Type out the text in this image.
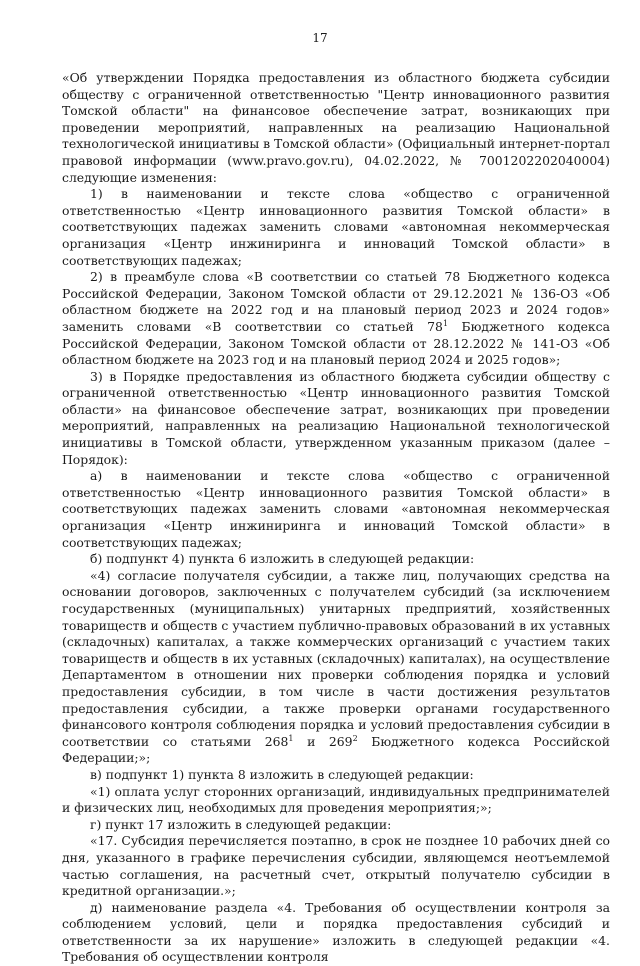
17

«Об утверждении Порядка предоставления из областного бюджета субсидии обществу с ограниченной ответственностью "Центр инновационного развития Томской области" на финансовое обеспечение затрат, возникающих при проведении мероприятий, направленных на реализацию Национальной технологической инициативы в Томской области» (Официальный интернет-портал правовой информации (www.pravo.gov.ru), 04.02.2022, № 7001202202040004) следующие изменения:

1) в наименовании и тексте слова «общество с ограниченной ответственностью «Центр инновационного развития Томской области» в соответствующих падежах заменить словами «автономная некоммерческая организация «Центр инжиниринга и инноваций Томской области» в соответствующих падежах;

2) в преамбуле слова «В соответствии со статьей 78 Бюджетного кодекса Российской Федерации, Законом Томской области от 29.12.2021 № 136-ОЗ «Об областном бюджете на 2022 год и на плановый период 2023 и 2024 годов» заменить словами «В соответствии со статьей $78^1$ Бюджетного кодекса Российской Федерации, Законом Томской области от 28.12.2022 № 141-ОЗ «Об областном бюджете на 2023 год и на плановый период 2024 и 2025 годов»;

3) в Порядке предоставления из областного бюджета субсидии обществу с ограниченной ответственностью «Центр инновационного развития Томской области» на финансовое обеспечение затрат, возникающих при проведении мероприятий, направленных на реализацию Национальной технологической инициативы в Томской области, утвержденном указанным приказом (далее – Порядок):

а) в наименовании и тексте слова «общество с ограниченной ответственностью «Центр инновационного развития Томской области» в соответствующих падежах заменить словами «автономная некоммерческая организация «Центр инжиниринга и инноваций Томской области» в соответствующих падежах;

б) подпункт 4) пункта 6 изложить в следующей редакции:

«4) согласие получателя субсидии, а также лиц, получающих средства на основании договоров, заключенных с получателем субсидий (за исключением государственных (муниципальных) унитарных предприятий, хозяйственных товариществ и обществ с участием публично-правовых образований в их уставных (складочных) капиталах, а также коммерческих организаций с участием таких товариществ и обществ в их уставных (складочных) капиталах), на осуществление Департаментом в отношении них проверки соблюдения порядка и условий предоставления субсидии, в том числе в части достижения результатов предоставления субсидии, а также проверки органами государственного финансового контроля соблюдения порядка и условий предоставления субсидии в соответствии со статьями $268^1$ и $269^2$ Бюджетного кодекса Российской Федерации;»;

в) подпункт 1) пункта 8 изложить в следующей редакции:

«1) оплата услуг сторонних организаций, индивидуальных предпринимателей и физических лиц, необходимых для проведения мероприятия;»;

г) пункт 17 изложить в следующей редакции:

«17. Субсидия перечисляется поэтапно, в срок не позднее 10 рабочих дней со дня, указанного в графике перечисления субсидии, являющемся неотъемлемой частью соглашения, на расчетный счет, открытый получателю субсидии в кредитной организации.»;

д) наименование раздела «4. Требования об осуществлении контроля за соблюдением условий, цели и порядка предоставления субсидий и ответственности за их нарушение» изложить в следующей редакции «4. Требования об осуществлении контроля
